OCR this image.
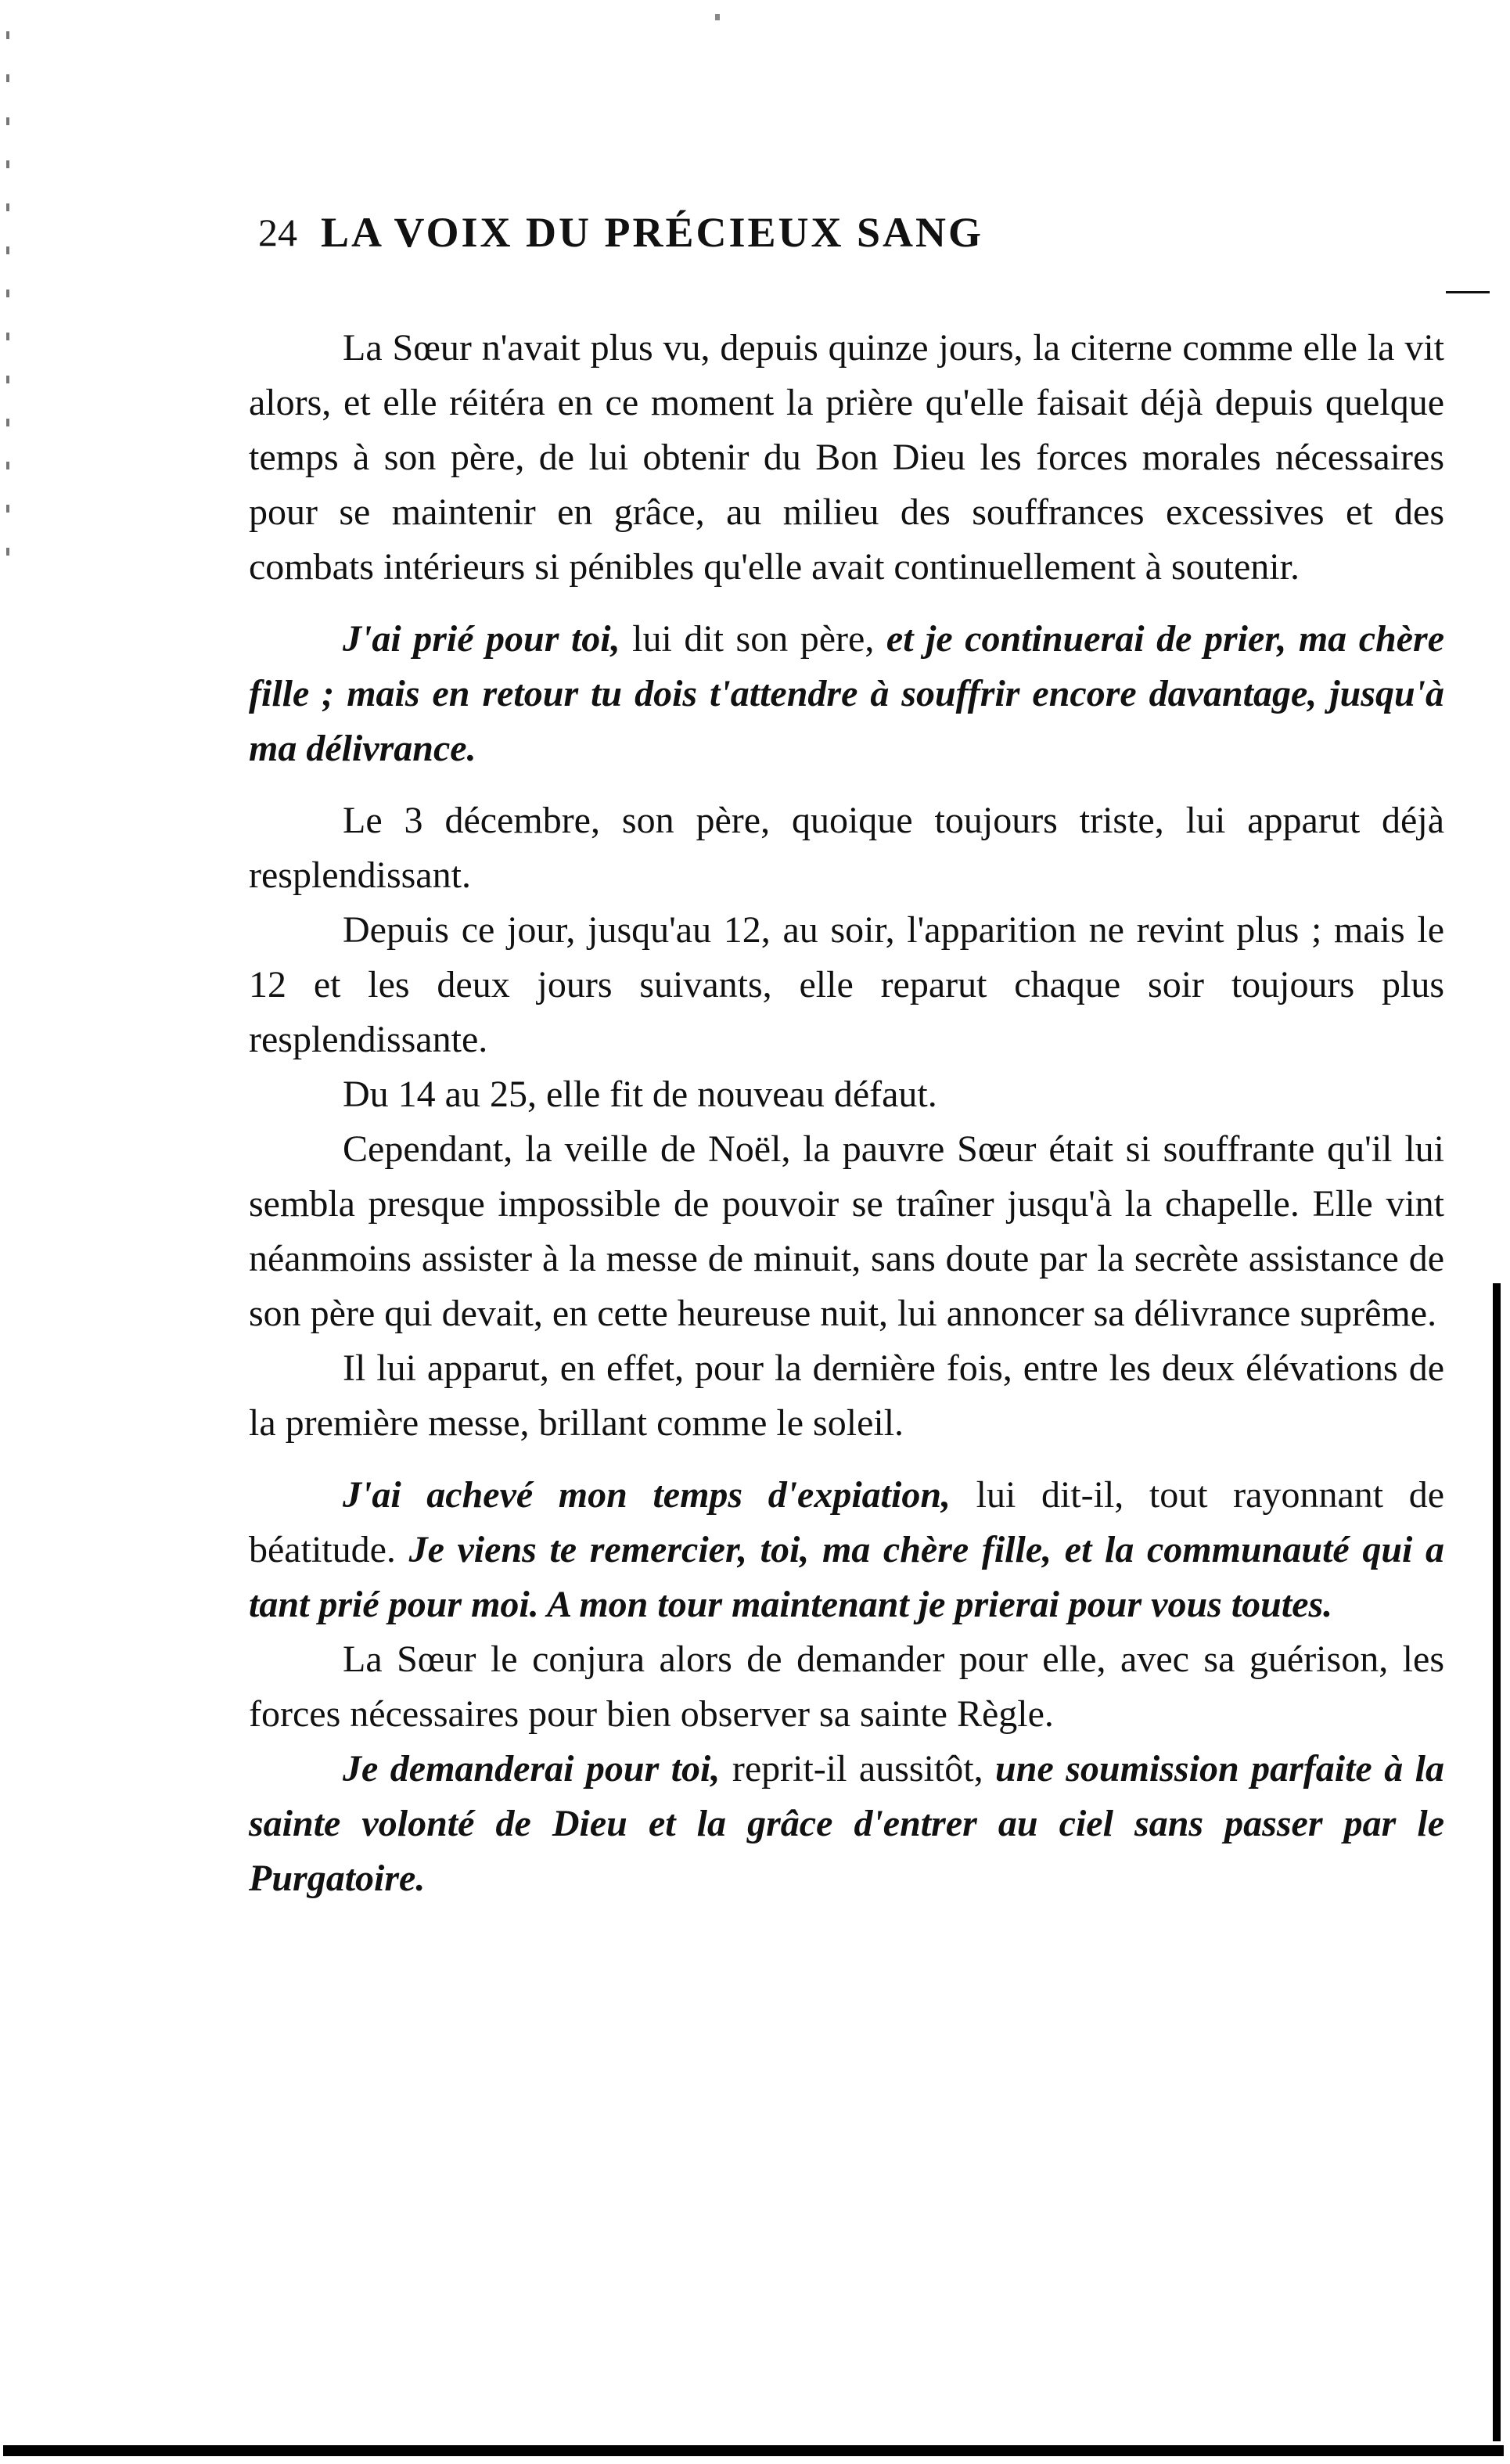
24 LA VOIX DU PRÉCIEUX SANG

La Sœur n'avait plus vu, depuis quinze jours, la citerne comme elle la vit alors, et elle réitéra en ce moment la prière qu'elle faisait déjà depuis quelque temps à son père, de lui obtenir du Bon Dieu les forces morales nécessaires pour se maintenir en grâce, au milieu des souffrances excessives et des combats intérieurs si pénibles qu'elle avait continuellement à soutenir.

J'ai prié pour toi, lui dit son père, et je continuerai de prier, ma chère fille ; mais en retour tu dois t'attendre à souffrir encore davantage, jusqu'à ma délivrance.

Le 3 décembre, son père, quoique toujours triste, lui apparut déjà resplendissant.

Depuis ce jour, jusqu'au 12, au soir, l'apparition ne revint plus ; mais le 12 et les deux jours suivants, elle reparut chaque soir toujours plus resplendissante.

Du 14 au 25, elle fit de nouveau défaut.

Cependant, la veille de Noël, la pauvre Sœur était si souffrante qu'il lui sembla presque impossible de pouvoir se traîner jusqu'à la chapelle. Elle vint néanmoins assister à la messe de minuit, sans doute par la secrète assistance de son père qui devait, en cette heureuse nuit, lui annoncer sa délivrance suprême.

Il lui apparut, en effet, pour la dernière fois, entre les deux élévations de la première messe, brillant comme le soleil.

J'ai achevé mon temps d'expiation, lui dit-il, tout rayonnant de béatitude. Je viens te remercier, toi, ma chère fille, et la communauté qui a tant prié pour moi. A mon tour maintenant je prierai pour vous toutes.

La Sœur le conjura alors de demander pour elle, avec sa guérison, les forces nécessaires pour bien observer sa sainte Règle.

Je demanderai pour toi, reprit-il aussitôt, une soumission parfaite à la sainte volonté de Dieu et la grâce d'entrer au ciel sans passer par le Purgatoire.
